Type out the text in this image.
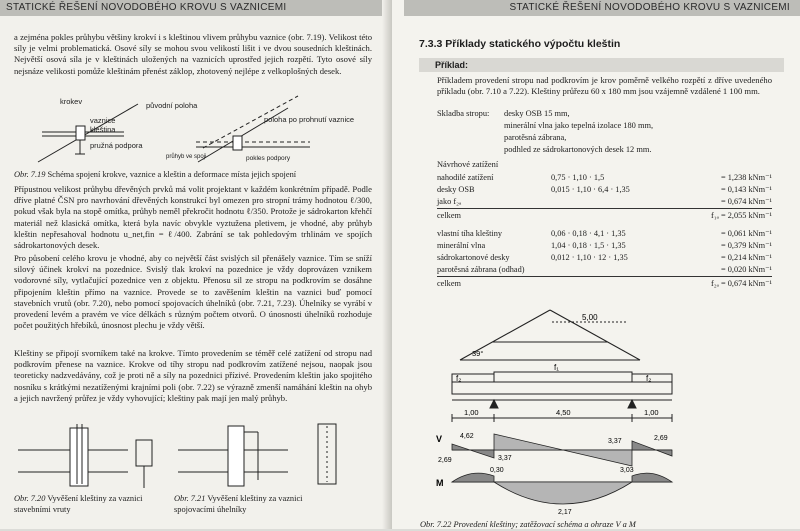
STATICKÉ ŘEŠENÍ NOVODOBÉHO KROVU S VAZNICEMI

a zejména pokles průhybu většiny krokví i s kleštinou vlivem průhybu vaznice (obr. 7.19). Velikost této síly je velmi problematická. Osové síly se mohou svou velikostí lišit i ve dvou sousedních kleštinách. Největší osová síla je v kleštinách uložených na vaznicích uprostřed jejich rozpětí. Tyto osové síly nejsnáze velikosti pomůže kleštinám přenést záklop, zhotovený nejlépe z velkoplošných desek.

krokev
vaznice
kleština
pružná podpora
původní poloha
poloha po prohnutí vaznice
průhyb ve spoji	pokles podpory
Obr. 7.19 Schéma spojení krokve, vaznice a kleštin a deformace místa jejich spojení

Přípustnou velikost průhybu dřevěných prvků má volit projektant v každém konkrétním případě. Podle dříve platné ČSN pro navrhování dřevěných konstrukcí byl omezen pro stropní trámy hodnotou ℓ/300, pokud však byla na stopě omítka, průhyb neměl překročit hodnotu ℓ/350. Protože je sádrokarton křehčí materiál než klasická omítka, která byla navíc obvykle vyztužena pletivem, je vhodné, aby průhyb kleštin nepřesahoval hodnotu u_net,fin = ℓ/400. Zabrání se tak pohledovým trhlinám ve spojích sádrokartonových desek.

Pro působení celého krovu je vhodné, aby co největší část svislých sil přenášely vaznice. Tím se sníží silový účinek krokví na pozednice. Svislý tlak krokví na pozednice je vždy doprovázen vznikem vodorovné síly, vytlačující pozednice ven z objektu. Přenosu sil ze stropu na podkrovím se dosáhne připojením kleštin přímo na vaznice. Provede se to zavěšením kleštin na vaznici buď pomocí stavebních vrutů (obr. 7.20), nebo pomocí spojovacích úhelníků (obr. 7.21, 7.23). Úhelníky se vyrábí v provedení levém a pravém ve více délkách s různým počtem otvorů. O únosnosti úhelníků rozhoduje počet použitých hřebíků, únosnost plechu je vždy větší.

Kleštiny se připojí svorníkem také na krokve. Tímto provedením se téměř celé zatížení od stropu nad podkrovím přenese na vaznice. Krokve od tíhy stropu nad podkrovím zatížené nejsou, naopak jsou teoreticky nadzvedávány, což je proti ně a síly na pozednici přízivé. Provedením kleštin jako spojitého nosníku s krátkými nezatíženými krajními poli (obr. 7.22) se výrazně zmenší namáhání kleštin na ohyb a jejich navržený průřez je vždy vyhovující; kleštiny pak mají jen malý průhyb.

Obr. 7.20 Vyvěšení kleštiny za vaznici stavebními vruty
Obr. 7.21 Vyvěšení kleštiny za vaznici spojovacími úhelníky
STATICKÉ ŘEŠENÍ NOVODOBÉHO KROVU S VAZNICEMI
7.3.3 Příklady statického výpočtu kleštin
Příklad:

Příkladem provedení stropu nad podkrovím je krov poměrně velkého rozpětí z dříve uvedeného příkladu (obr. 7.10 a 7.22). Kleštiny průřezu 60 x 180 mm jsou vzájemně vzdálené 1 100 mm.

Skladba stropu: desky OSB 15 mm,
minerální vlna jako tepelná izolace 180 mm,
parotěsná zábrana,
podhled ze sádrokartonových desek 12 mm.
Návrhové zatížení
nahodilé zatížení	0,75 · 1,10 · 1,5	= 1,238 kNm⁻¹
desky OSB	0,015 · 1,10 · 6,4 · 1,35	= 0,143 kNm⁻¹
jako f₂ₐ	= 0,674 kNm⁻¹
celkem	f₁ₐ = 2,055 kNm⁻¹
vlastní tíha kleštiny	0,06 · 0,18 · 4,1 · 1,35	= 0,061 kNm⁻¹
minerální vlna	1,04 · 0,18 · 1,5 · 1,35	= 0,379 kNm⁻¹
sádrokartonové desky	0,012 · 1,10 · 12 · 1,35	= 0,214 kNm⁻¹
parotěsná zábrana (odhad)	= 0,020 kNm⁻¹
celkem	f₂ₐ = 0,674 kNm⁻¹
5,00
39°
f₂
f₁
f₂
1,00	4,50	1,00
V	4,62
2,69	3,37
3,37	2,69
M
0,30	3,03
2,17
Obr. 7.22 Provedení kleštiny; zatěžovací schéma a ohraze V a M
